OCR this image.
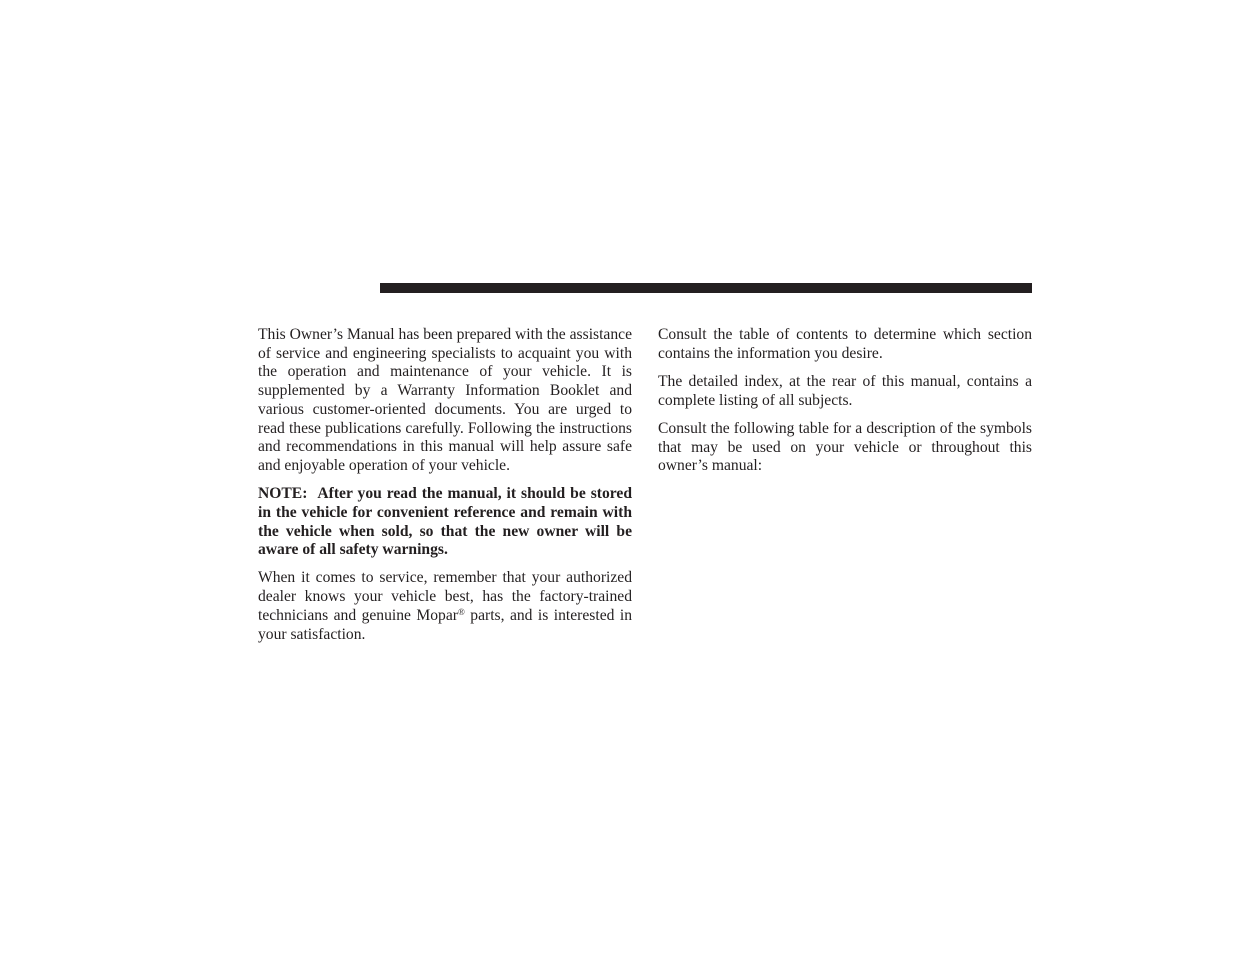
This Owner’s Manual has been prepared with the assistance of service and engineering specialists to acquaint you with the operation and maintenance of your vehicle. It is supplemented by a Warranty Information Booklet and various customer-oriented documents. You are urged to read these publications carefully. Following the instructions and recommendations in this manual will help assure safe and enjoyable operation of your vehicle.

NOTE: After you read the manual, it should be stored in the vehicle for convenient reference and remain with the vehicle when sold, so that the new owner will be aware of all safety warnings.

When it comes to service, remember that your authorized dealer knows your vehicle best, has the factory-trained technicians and genuine Mopar® parts, and is interested in your satisfaction.

Consult the table of contents to determine which section contains the information you desire.

The detailed index, at the rear of this manual, contains a complete listing of all subjects.

Consult the following table for a description of the symbols that may be used on your vehicle or throughout this owner’s manual:
